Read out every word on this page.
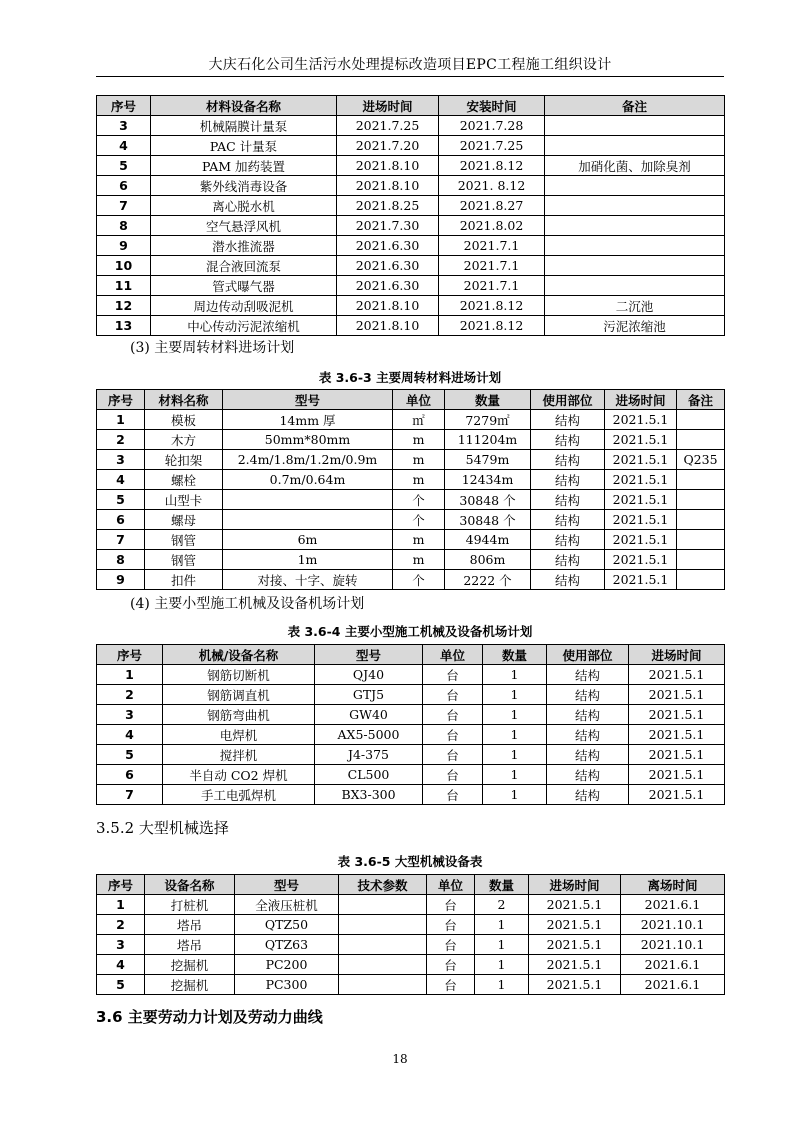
大庆石化公司生活污水处理提标改造项目EPC工程施工组织设计
序号	材料设备名称	进场时间	安装时间	备注
3	机械隔膜计量泵	2021.7.25	2021.7.28	
4	PAC 计量泵	2021.7.20	2021.7.25	
5	PAM 加药装置	2021.8.10	2021.8.12	加硝化菌、加除臭剂
6	紫外线消毒设备	2021.8.10	2021. 8.12	
7	离心脱水机	2021.8.25	2021.8.27	
8	空气悬浮风机	2021.7.30	2021.8.02	
9	潜水推流器	2021.6.30	2021.7.1	
10	混合液回流泵	2021.6.30	2021.7.1	
11	管式曝气器	2021.6.30	2021.7.1	
12	周边传动刮吸泥机	2021.8.10	2021.8.12	二沉池
13	中心传动污泥浓缩机	2021.8.10	2021.8.12	污泥浓缩池
(3) 主要周转材料进场计划
表 3.6-3 主要周转材料进场计划
序号	材料名称	型号	单位	数量	使用部位	进场时间	备注
1	模板	14mm 厚	㎡	7279㎡	结构	2021.5.1	
2	木方	50mm*80mm	m	111204m	结构	2021.5.1	
3	轮扣架	2.4m/1.8m/1.2m/0.9m	m	5479m	结构	2021.5.1	Q235
4	螺栓	0.7m/0.64m	m	12434m	结构	2021.5.1	
5	山型卡		个	30848 个	结构	2021.5.1	
6	螺母		个	30848 个	结构	2021.5.1	
7	钢管	6m	m	4944m	结构	2021.5.1	
8	钢管	1m	m	806m	结构	2021.5.1	
9	扣件	对接、十字、旋转	个	2222 个	结构	2021.5.1	
(4) 主要小型施工机械及设备机场计划
表 3.6-4 主要小型施工机械及设备机场计划
序号	机械/设备名称	型号	单位	数量	使用部位	进场时间
1	钢筋切断机	QJ40	台	1	结构	2021.5.1
2	钢筋调直机	GTJ5	台	1	结构	2021.5.1
3	钢筋弯曲机	GW40	台	1	结构	2021.5.1
4	电焊机	AX5-5000	台	1	结构	2021.5.1
5	搅拌机	J4-375	台	1	结构	2021.5.1
6	半自动 CO2 焊机	CL500	台	1	结构	2021.5.1
7	手工电弧焊机	BX3-300	台	1	结构	2021.5.1
3.5.2 大型机械选择
表 3.6-5 大型机械设备表
序号	设备名称	型号	技术参数	单位	数量	进场时间	离场时间
1	打桩机	全液压桩机		台	2	2021.5.1	2021.6.1
2	塔吊	QTZ50		台	1	2021.5.1	2021.10.1
3	塔吊	QTZ63		台	1	2021.5.1	2021.10.1
4	挖掘机	PC200		台	1	2021.5.1	2021.6.1
5	挖掘机	PC300		台	1	2021.5.1	2021.6.1
3.6 主要劳动力计划及劳动力曲线
18
